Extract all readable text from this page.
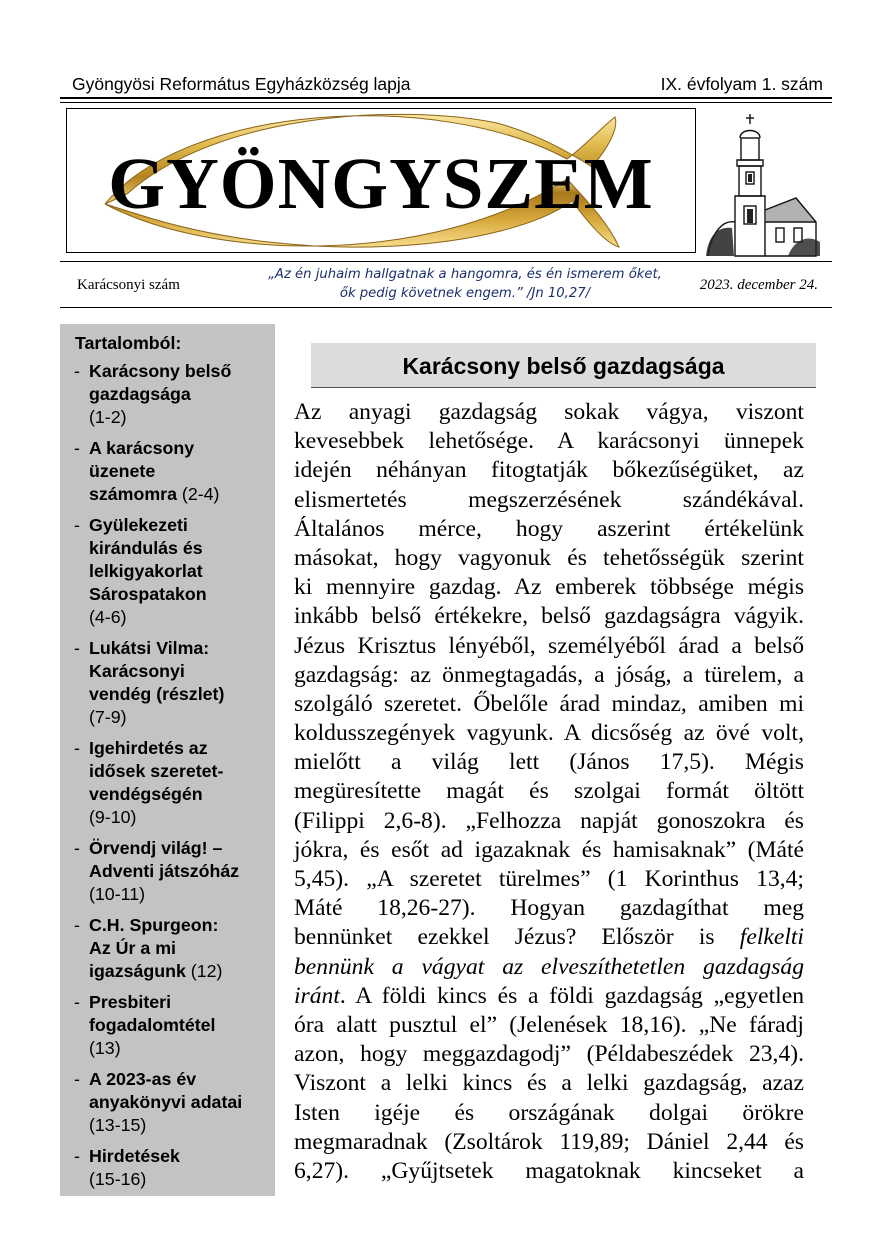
Gyöngyösi Református Egyházközség lapja	IX. évfolyam 1. szám
GYÖNGYSZEM
Karácsonyi szám
„Az én juhaim hallgatnak a hangomra, és én ismerem őket,
ők pedig követnek engem.” /Jn 10,27/
2023. december 24.
Tartalomból:
- Karácsony belső
gazdagsága
(1-2)
- A karácsony
üzenete
számomra (2-4)
- Gyülekezeti
kirándulás és
lelkigyakorlat
Sárospatakon
(4-6)
- Lukátsi Vilma:
Karácsonyi
vendég (részlet)
(7-9)
- Igehirdetés az
idősek szeretet-
vendégségén
(9-10)
- Örvendj világ! –
Adventi játszóház
(10-11)
- C.H. Spurgeon:
Az Úr a mi
igazságunk (12)
- Presbiteri
fogadalomtétel
(13)
- A 2023-as év
anyakönyvi adatai
(13-15)
- Hirdetések
(15-16)
Karácsony belső gazdagsága
Az anyagi gazdagság sokak vágya, viszont
kevesebbek lehetősége. A karácsonyi ünnepek
idején néhányan fitogtatják bőkezűségüket, az
elismertetés megszerzésének szándékával.
Általános mérce, hogy aszerint értékelünk
másokat, hogy vagyonuk és tehetősségük szerint
ki mennyire gazdag. Az emberek többsége mégis
inkább belső értékekre, belső gazdagságra vágyik.
Jézus Krisztus lényéből, személyéből árad a belső
gazdagság: az önmegtagadás, a jóság, a türelem, a
szolgáló szeretet. Őbelőle árad mindaz, amiben mi
koldusszegények vagyunk. A dicsőség az övé volt,
mielőtt a világ lett (János 17,5). Mégis
megüresítette magát és szolgai formát öltött
(Filippi 2,6-8). „Felhozza napját gonoszokra és
jókra, és esőt ad igazaknak és hamisaknak” (Máté
5,45). „A szeretet türelmes” (1 Korinthus 13,4;
Máté 18,26-27). Hogyan gazdagíthat meg
bennünket ezekkel Jézus? Először is felkelti
bennünk a vágyat az elveszíthetetlen gazdagság
iránt. A földi kincs és a földi gazdagság „egyetlen
óra alatt pusztul el” (Jelenések 18,16). „Ne fáradj
azon, hogy meggazdagodj” (Példabeszédek 23,4).
Viszont a lelki kincs és a lelki gazdagság, azaz
Isten igéje és országának dolgai örökre
megmaradnak (Zsoltárok 119,89; Dániel 2,44 és
6,27). „Gyűjtsetek magatoknak kincseket a
